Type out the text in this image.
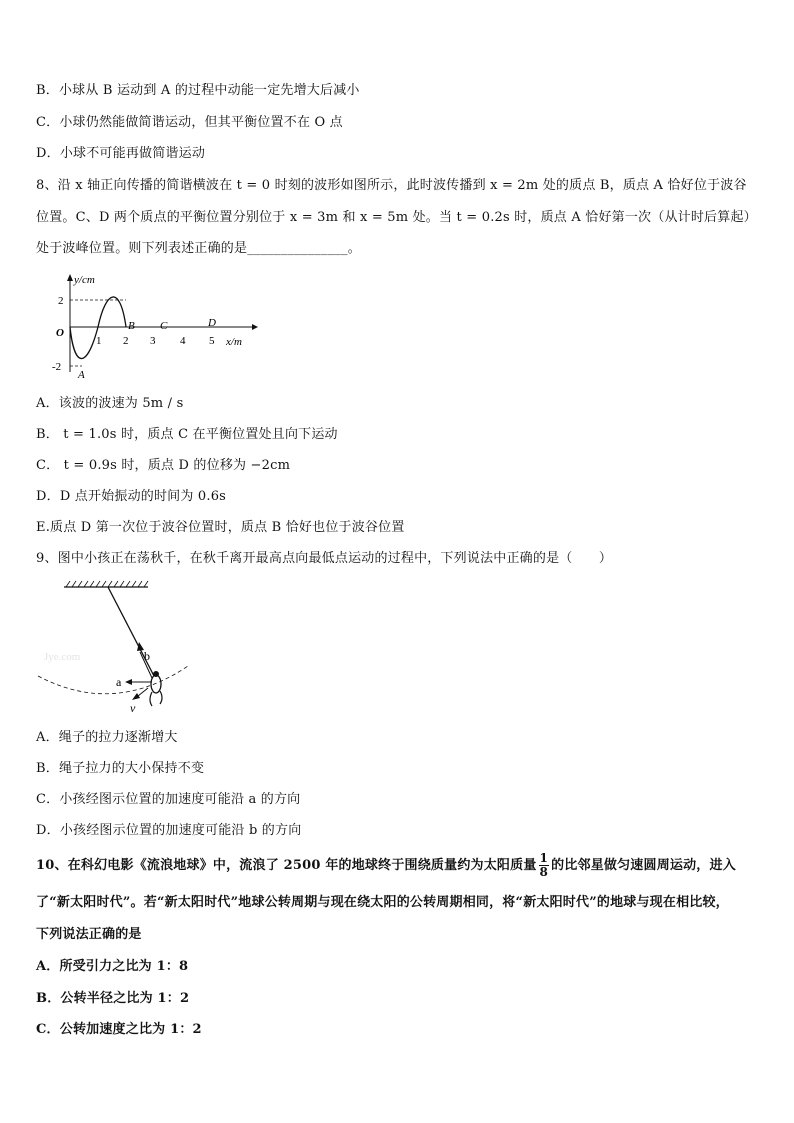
B．小球从 B 运动到 A 的过程中动能一定先增大后减小
C．小球仍然能做简谐运动，但其平衡位置不在 O 点
D．小球不可能再做简谐运动
8、沿 x 轴正向传播的简谐横波在 t = 0 时刻的波形如图所示，此时波传播到 x = 2m 处的质点 B，质点 A 恰好位于波谷
位置。C、D 两个质点的平衡位置分别位于 x = 3m 和 x = 5m 处。当 t = 0.2s 时，质点 A 恰好第一次（从计时后算起）
处于波峰位置。则下列表述正确的是_______________。
y/cm
x/m
O
2
-2
1 2 3 4 5
A
B C	D
A．该波的波速为 5m / s
B． t = 1.0s 时，质点 C 在平衡位置处且向下运动
C． t = 0.9s 时，质点 D 的位移为 −2cm
D．D 点开始振动的时间为 0.6s
E.质点 D 第一次位于波谷位置时，质点 B 恰好也位于波谷位置
9、图中小孩正在荡秋千，在秋千离开最高点向最低点运动的过程中，下列说法中正确的是（　　）
Jye.com	b
a
v
A．绳子的拉力逐渐增大
B．绳子拉力的大小保持不变
C．小孩经图示位置的加速度可能沿 a 的方向
D．小孩经图示位置的加速度可能沿 b 的方向
10、在科幻电影《流浪地球》中，流浪了 2500 年的地球终于围绕质量约为太阳质量 $\frac{1}{8}$ 的比邻星做匀速圆周运动，进入
了“新太阳时代”。若“新太阳时代”地球公转周期与现在绕太阳的公转周期相同，将“新太阳时代”的地球与现在相比较，
下列说法正确的是
A．所受引力之比为 1：8
B．公转半径之比为 1：2
C．公转加速度之比为 1：2
